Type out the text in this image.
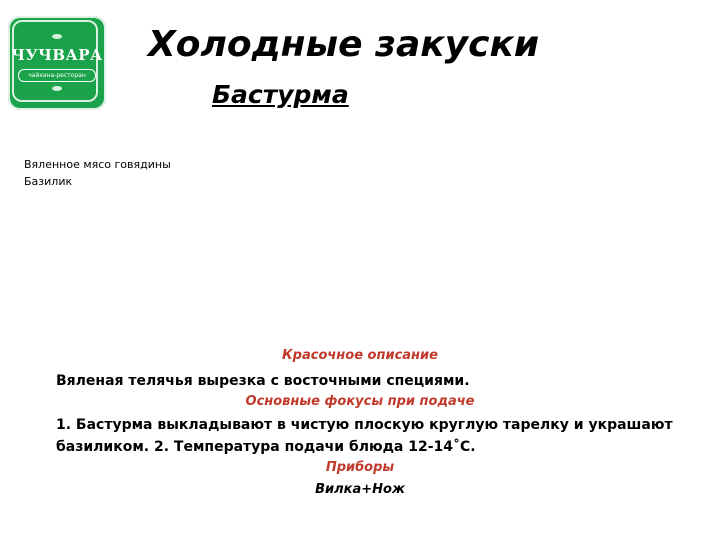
ЧУЧВАРА
чайхана-ресторан
Холодные закуски
Бастурма
Вяленное мясо говядины
Базилик
Красочное описание
Вяленая телячья вырезка с восточными специями.
Основные фокусы при подаче
1. Бастурма выкладывают в чистую плоскую круглую тарелку и украшают базиликом. 2. Температура подачи блюда 12-14˚С.
Приборы
Вилка+Нож
